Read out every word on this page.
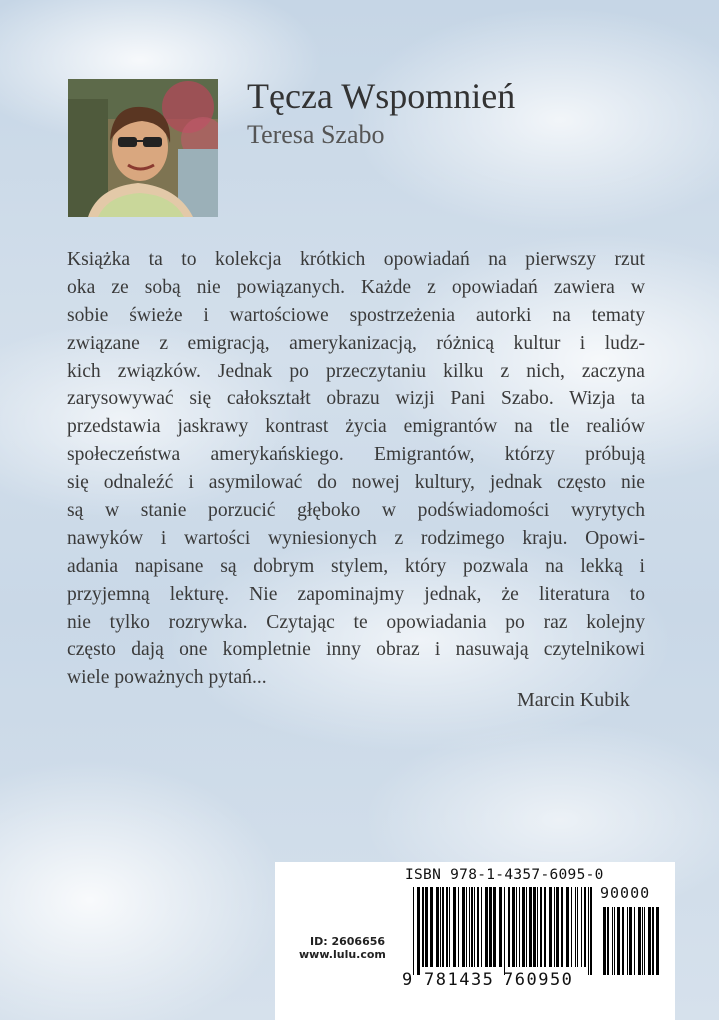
Tęcza Wspomnień
Teresa Szabo
Książka ta to kolekcja krótkich opowiadań na pierwszy rzut
oka ze sobą nie powiązanych. Każde z opowiadań zawiera w
sobie świeże i wartościowe spostrzeżenia autorki na tematy
związane z emigracją, amerykanizacją, różnicą kultur i ludz-
kich związków. Jednak po przeczytaniu kilku z nich, zaczyna
zarysowywać się całokształt obrazu wizji Pani Szabo. Wizja ta
przedstawia jaskrawy kontrast życia emigrantów na tle realiów
społeczeństwa amerykańskiego. Emigrantów, którzy próbują
się odnaleźć i asymilować do nowej kultury, jednak często nie
są w stanie porzucić głęboko w podświadomości wyrytych
nawyków i wartości wyniesionych z rodzimego kraju. Opowi-
adania napisane są dobrym stylem, który pozwala na lekką i
przyjemną lekturę. Nie zapominajmy jednak, że literatura to
nie tylko rozrywka. Czytając te opowiadania po raz kolejny
często dają one kompletnie inny obraz i nasuwają czytelnikowi
wiele poważnych pytań...
Marcin Kubik
ISBN 978-1-4357-6095-0
ID: 2606656
www.lulu.com
90000
9 781435 760950
